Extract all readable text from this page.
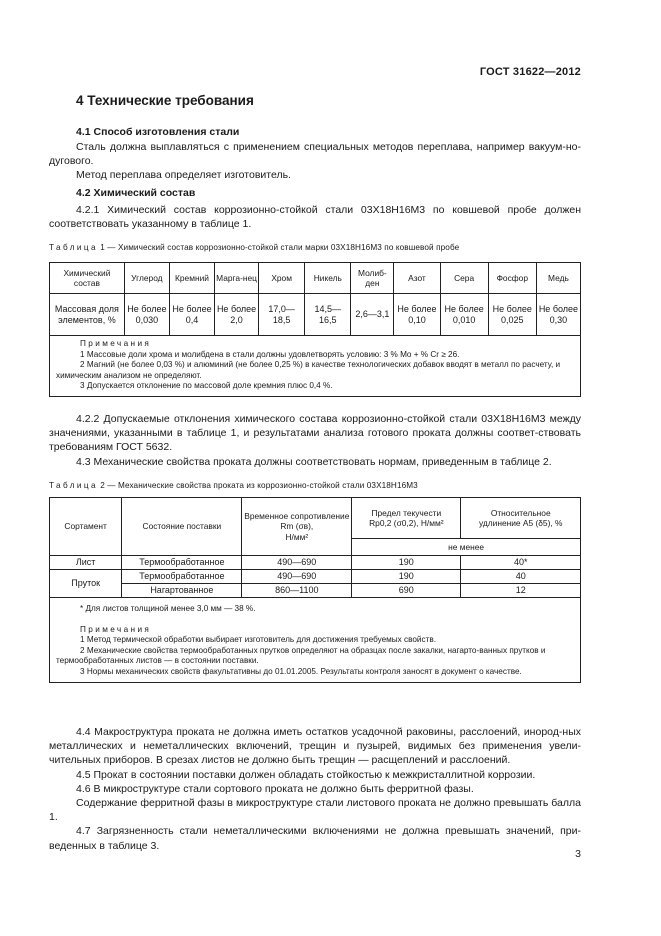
ГОСТ 31622—2012
4 Технические требования
4.1 Способ изготовления стали

Сталь должна выплавляться с применением специальных методов переплава, например вакуум-но-дугового.

Метод переплава определяет изготовитель.

4.2 Химический состав

4.2.1 Химический состав коррозионно-стойкой стали 03Х18Н16М3 по ковшевой пробе должен соответствовать указанному в таблице 1.

Таблица 1 — Химический состав коррозионно-стойкой стали марки 03Х18Н16М3 по ковшевой пробе
Химический состав	Углерод	Кремний	Марга-нец	Хром	Никель	Молиб-ден	Азот	Сера	Фосфор	Медь
Массовая доля элементов, %	Не более 0,030	Не более 0,4	Не более 2,0	17,0— 18,5	14,5— 16,5	2,6—3,1	Не более 0,10	Не более 0,010	Не более 0,025	Не более 0,30

Примечания
1 Массовые доли хрома и молибдена в стали должны удовлетворять условию: 3 % Mo + % Cr ≥ 26.
2 Магний (не более 0,03 %) и алюминий (не более 0,25 %) в качестве технологических добавок вводят в металл по расчету, и химическим анализом не определяют.
3 Допускается отклонение по массовой доле кремния плюс 0,4 %.										

4.2.2 Допускаемые отклонения химического состава коррозионно-стойкой стали 03Х18Н16М3 между значениями, указанными в таблице 1, и результатами анализа готового проката должны соответ-ствовать требованиям ГОСТ 5632.

4.3 Механические свойства проката должны соответствовать нормам, приведенным в таблице 2.

Таблица 2 — Механические свойства проката из коррозионно-стойкой стали 03Х18Н16М3
Сортамент	Состояние поставки	Временное сопротивление
Rm (σв),
Н/мм²	Предел текучести
Rp0,2 (σ0,2), Н/мм²	Относительное
удлинение A5 (δ5), %
			не менее	
Лист	Термообработанное	490—690	190	40*
Пруток	Термообработанное	490—690	190	40
	Нагартованное	860—1100	690	12

* Для листов толщиной менее 3,0 мм — 38 %.
Примечания
1 Метод термической обработки выбирает изготовитель для достижения требуемых свойств.
2 Механические свойства термообработанных прутков определяют на образцах после закалки, нагарто-ванных прутков и термообработанных листов — в состоянии поставки.
3 Нормы механических свойств факультативны до 01.01.2005. Результаты контроля заносят в документ о качестве.				

4.4 Макроструктура проката не должна иметь остатков усадочной раковины, расслоений, инород-ных металлических и неметаллических включений, трещин и пузырей, видимых без применения увели-чительных приборов. В срезах листов не должно быть трещин — расщеплений и расслоений.

4.5 Прокат в состоянии поставки должен обладать стойкостью к межкристаллитной коррозии.

4.6 В микроструктуре стали сортового проката не должно быть ферритной фазы.

Содержание ферритной фазы в микроструктуре стали листового проката не должно превышать балла 1.

4.7 Загрязненность стали неметаллическими включениями не должна превышать значений, при-веденных в таблице 3.

3
